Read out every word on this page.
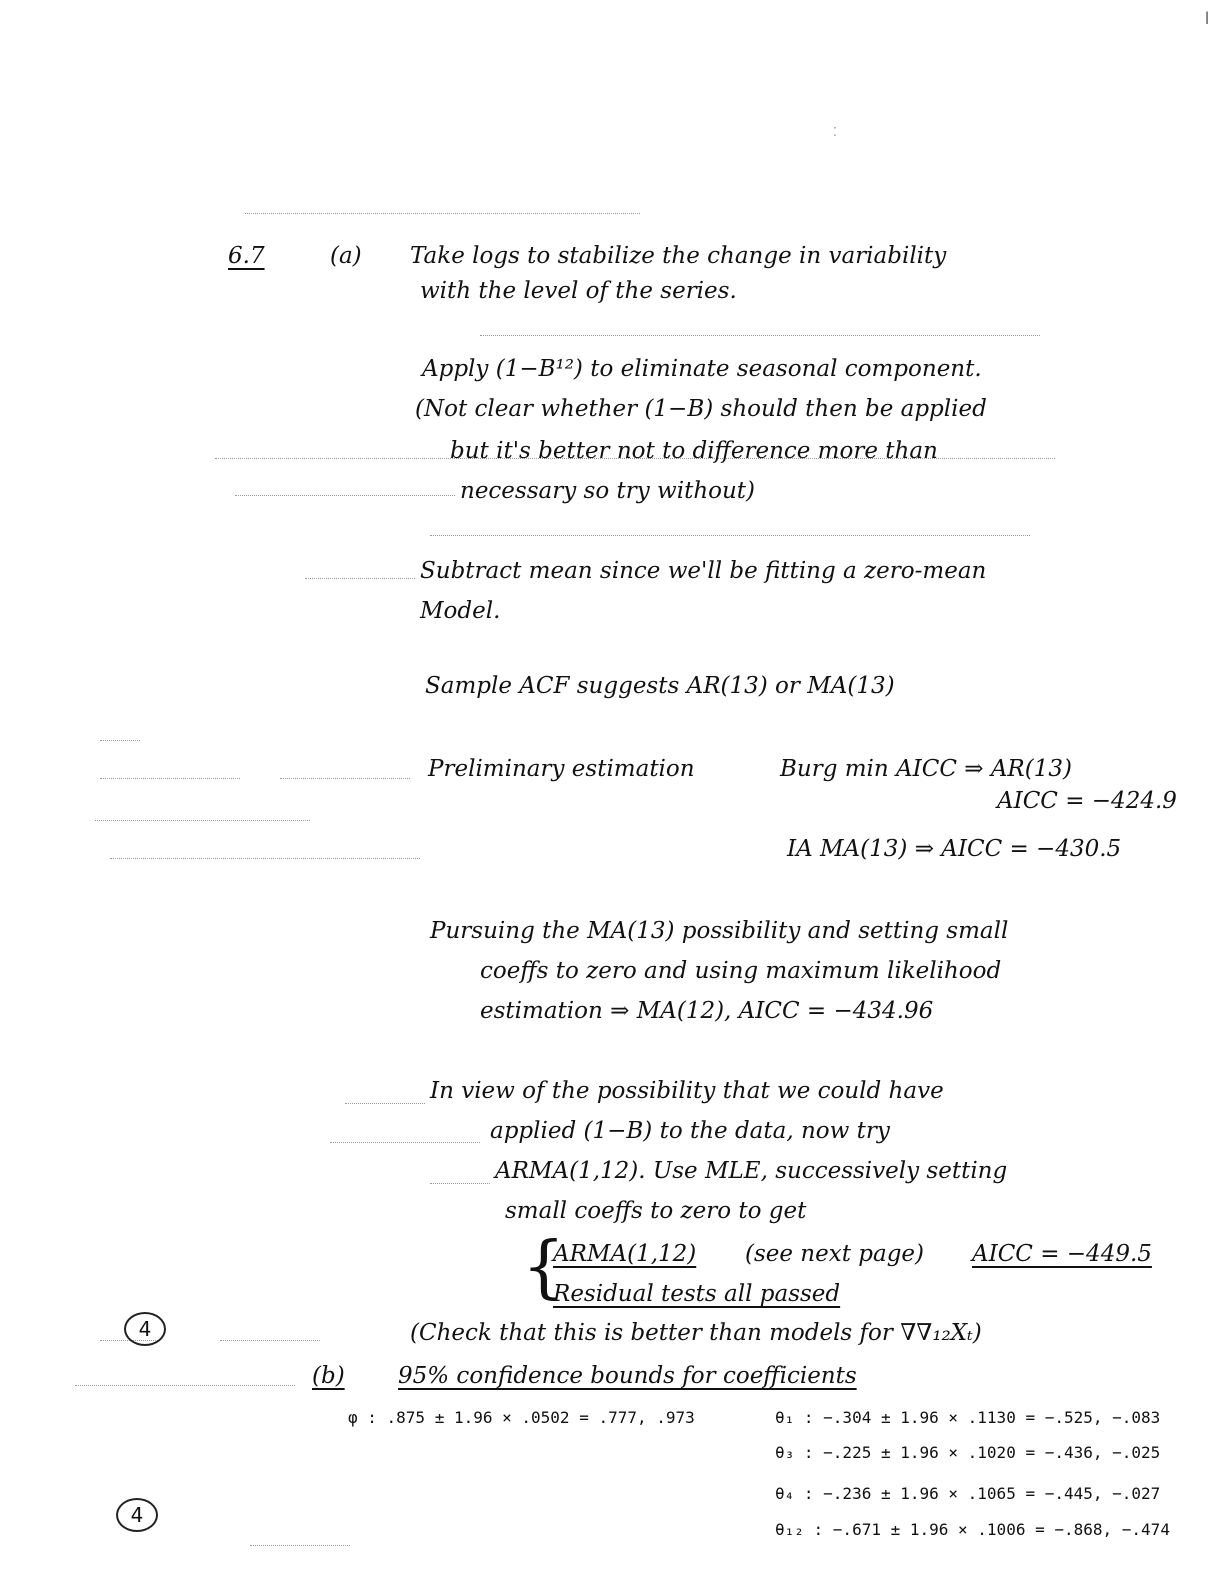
|
⁚
6.7	(a) Take logs to stabilize the change in variability
with the level of the series.
Apply (1−B¹²) to eliminate seasonal component.
(Not clear whether (1−B) should then be applied
but it's better not to difference more than
necessary so try without)
Subtract mean since we'll be fitting a zero-mean
Model.
Sample ACF suggests AR(13) or MA(13)
Preliminary estimation	Burg min AICC ⇒ AR(13)
AICC = −424.9
IA MA(13) ⇒ AICC = −430.5
Pursuing the MA(13) possibility and setting small
coeffs to zero and using maximum likelihood
estimation ⇒ MA(12), AICC = −434.96
In view of the possibility that we could have
applied (1−B) to the data, now try
ARMA(1,12). Use MLE, successively setting
small coeffs to zero to get
{
ARMA(1,12) (see next page) AICC = −449.5
Residual tests all passed
(Check that this is better than models for ∇∇₁₂Xₜ)
(b) 95% confidence bounds for coefficients
φ : .875 ± 1.96 × .0502 = .777, .973	θ₁ : −.304 ± 1.96 × .1130 = −.525, −.083
θ₃ : −.225 ± 1.96 × .1020 = −.436, −.025
θ₄ : −.236 ± 1.96 × .1065 = −.445, −.027
θ₁₂ : −.671 ± 1.96 × .1006 = −.868, −.474
4
4
